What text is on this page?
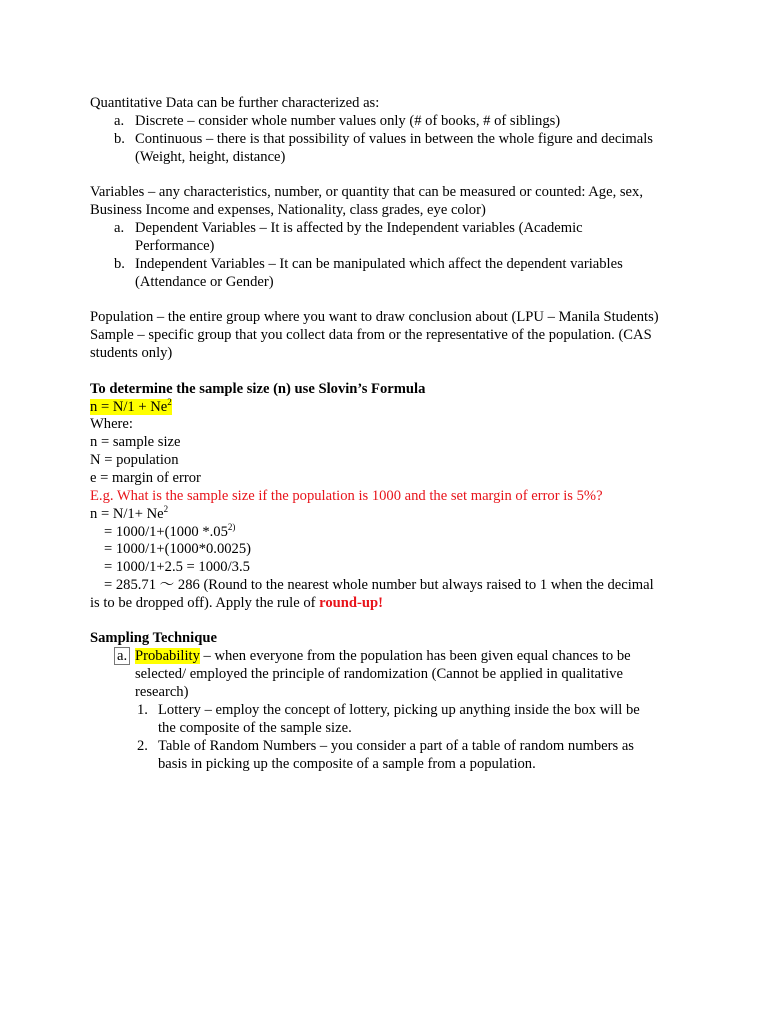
Quantitative Data can be further characterized as:
a. Discrete – consider whole number values only (# of books, # of siblings)
b. Continuous – there is that possibility of values in between the whole figure and decimals
(Weight, height, distance)
Variables – any characteristics, number, or quantity that can be measured or counted: Age, sex,
Business Income and expenses, Nationality, class grades, eye color)
a. Dependent Variables – It is affected by the Independent variables (Academic
Performance)
b. Independent Variables – It can be manipulated which affect the dependent variables
(Attendance or Gender)
Population – the entire group where you want to draw conclusion about (LPU – Manila Students)
Sample – specific group that you collect data from or the representative of the population. (CAS
students only)
To determine the sample size (n) use Slovin’s Formula
$n = N/1 + Ne^2$
Where:
n = sample size
N = population
e = margin of error
E.g. What is the sample size if the population is 1000 and the set margin of error is 5%?
$n = N/1+ Ne^2$
= 1000/1+(1000 $*.05^{2)}$
= 1000/1+(1000*0.0025)
= 1000/1+2.5 = 1000/3.5
= 285.71 ～ 286 (Round to the nearest whole number but always raised to 1 when the decimal
is to be dropped off). Apply the rule of round-up!
Sampling Technique
a. Probability – when everyone from the population has been given equal chances to be
selected/ employed the principle of randomization (Cannot be applied in qualitative
research)
1. Lottery – employ the concept of lottery, picking up anything inside the box will be
the composite of the sample size.
2. Table of Random Numbers – you consider a part of a table of random numbers as
basis in picking up the composite of a sample from a population.
